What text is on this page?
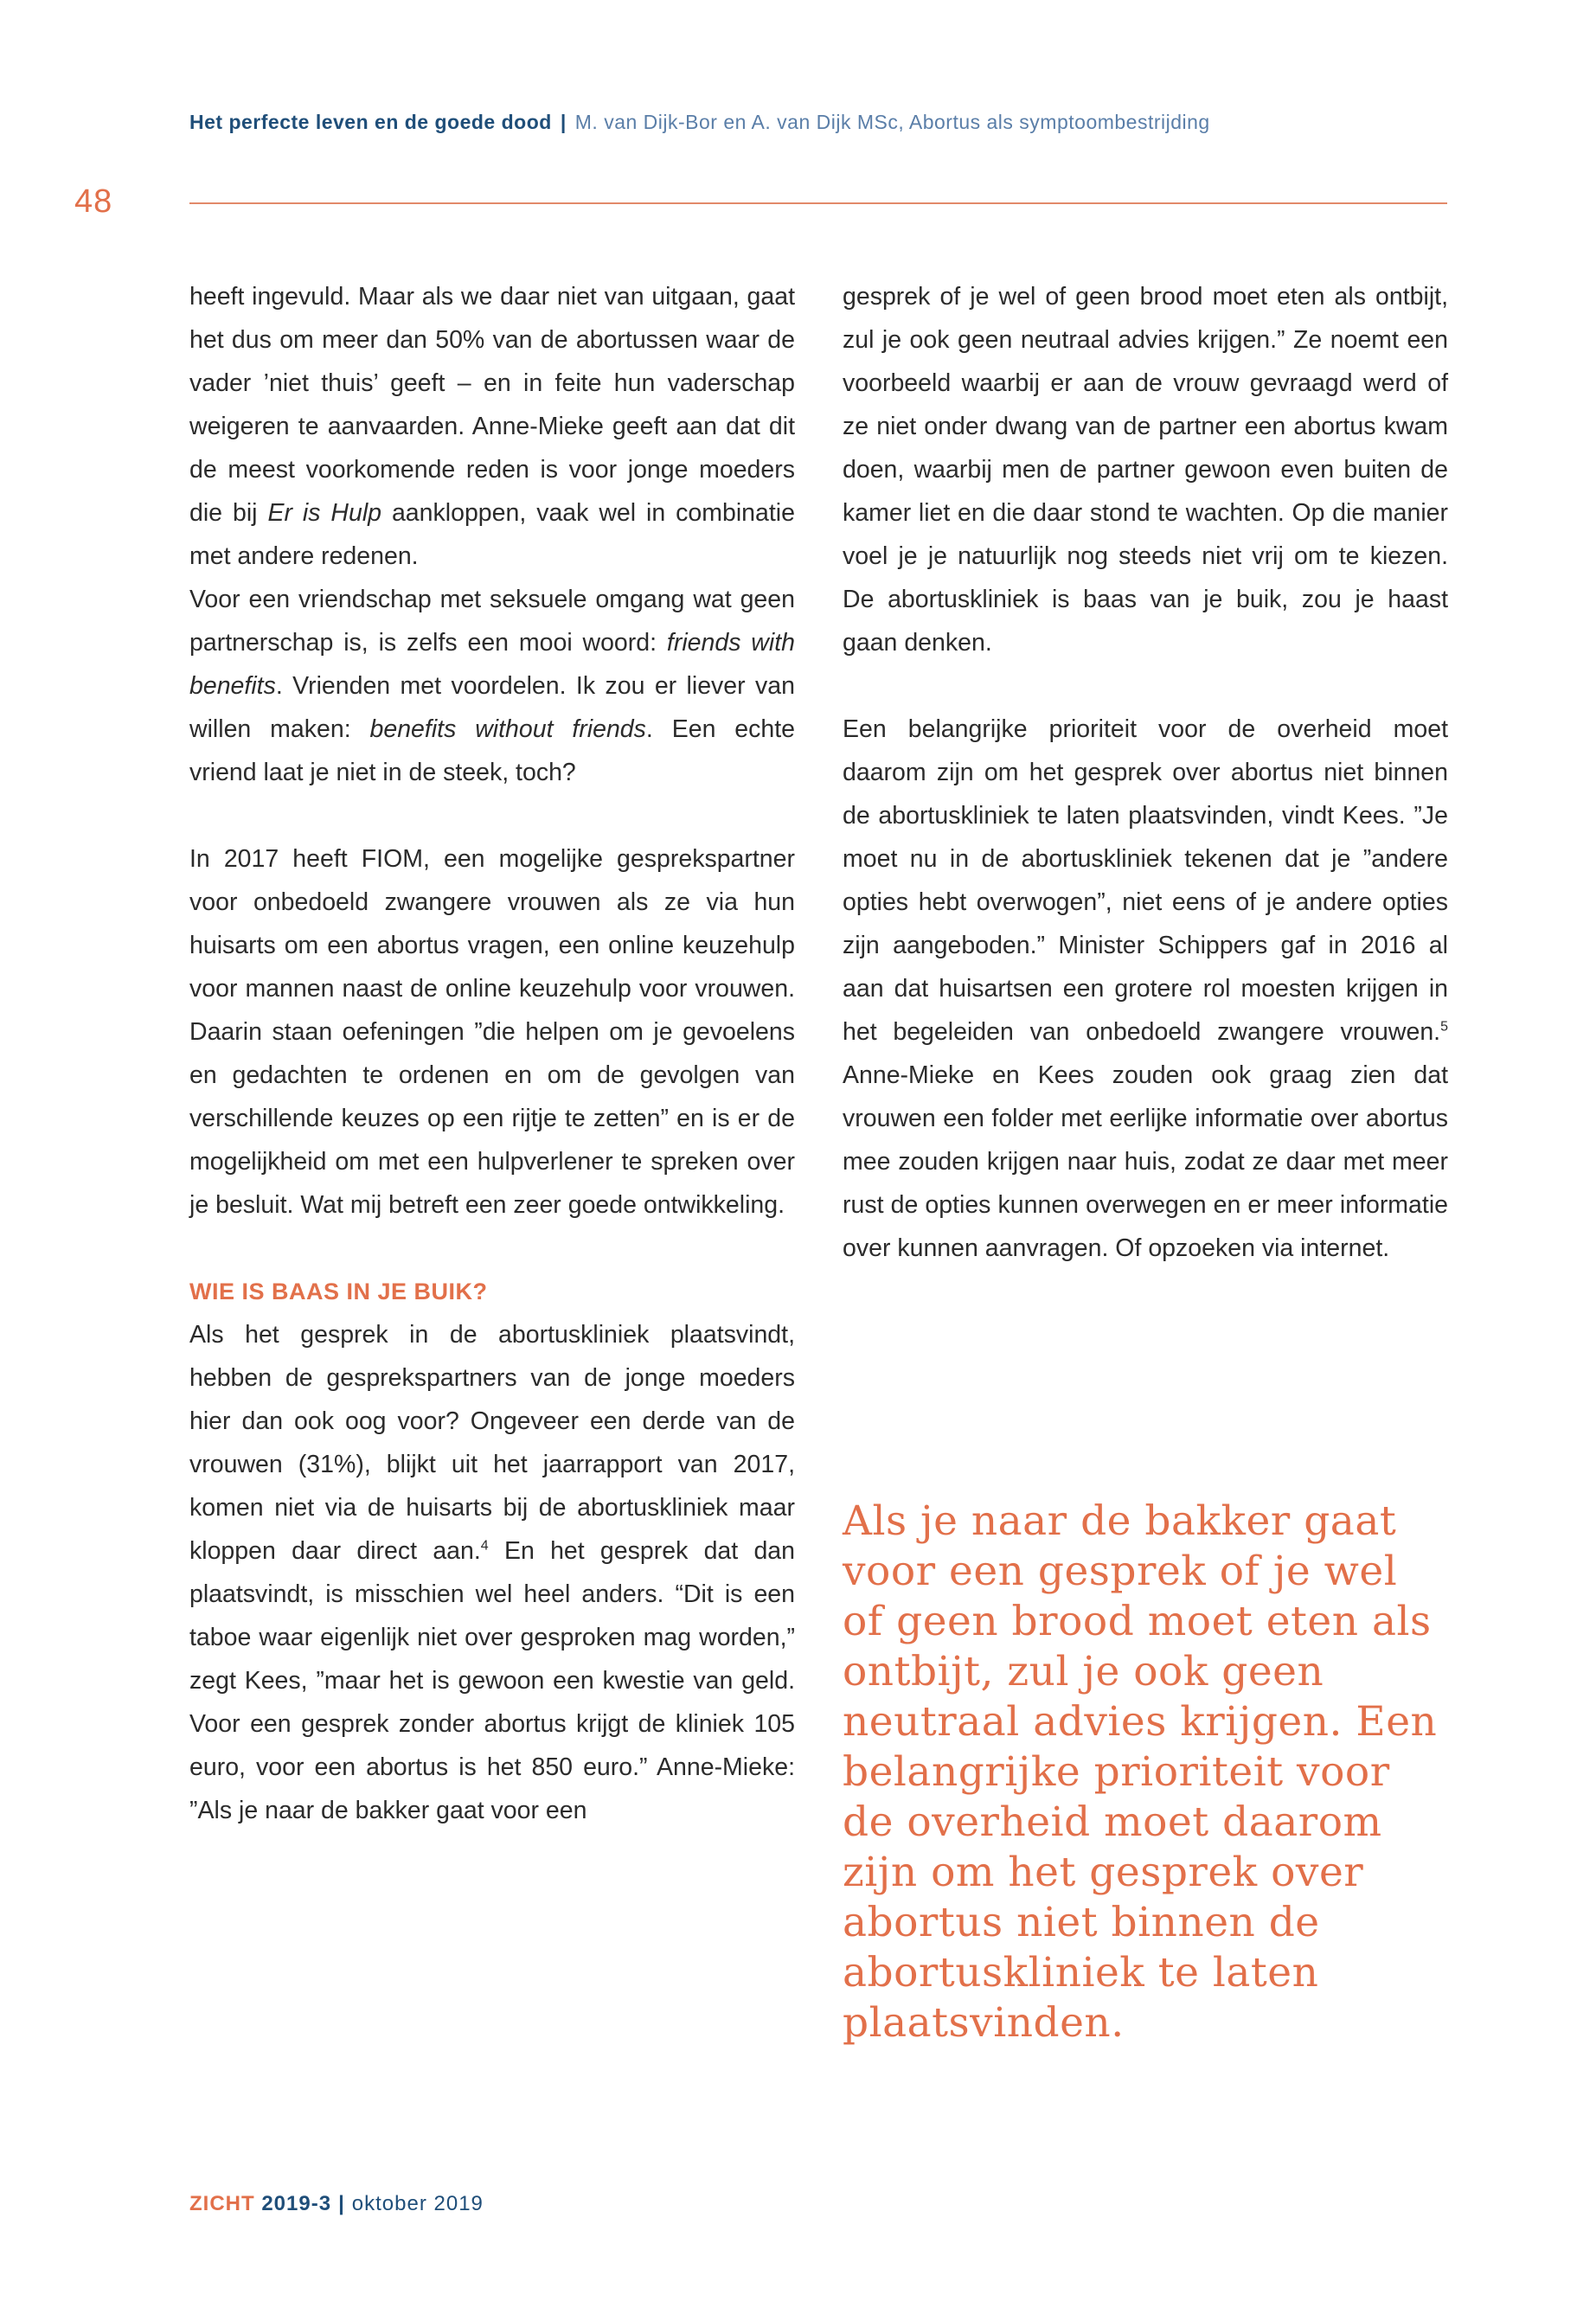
Het perfecte leven en de goede dood | M. van Dijk-Bor en A. van Dijk MSc, Abortus als symptoombestrijding
48

heeft ingevuld. Maar als we daar niet van uitgaan, gaat het dus om meer dan 50% van de abortussen waar de vader ’niet thuis’ geeft – en in feite hun vaderschap weigeren te aanvaarden. Anne-Mieke geeft aan dat dit de meest voorkomende reden is voor jonge moeders die bij Er is Hulp aankloppen, vaak wel in combinatie met andere redenen.

Voor een vriendschap met seksuele omgang wat geen partnerschap is, is zelfs een mooi woord: friends with benefits. Vrienden met voordelen. Ik zou er liever van willen maken: benefits without friends. Een echte vriend laat je niet in de steek, toch?

In 2017 heeft FIOM, een mogelijke gesprekspartner voor onbedoeld zwangere vrouwen als ze via hun huisarts om een abortus vragen, een online keuzehulp voor mannen naast de online keuzehulp voor vrouwen. Daarin staan oefeningen ”die helpen om je gevoelens en gedachten te ordenen en om de gevolgen van verschillende keuzes op een rijtje te zetten” en is er de mogelijkheid om met een hulpverlener te spreken over je besluit. Wat mij betreft een zeer goede ontwikkeling.

WIE IS BAAS IN JE BUIK?

Als het gesprek in de abortuskliniek plaatsvindt, hebben de gesprekspartners van de jonge moeders hier dan ook oog voor? Ongeveer een derde van de vrouwen (31%), blijkt uit het jaarrapport van 2017, komen niet via de huisarts bij de abortuskliniek maar kloppen daar direct aan.$^4$ En het gesprek dat dan plaatsvindt, is misschien wel heel anders. “Dit is een taboe waar eigenlijk niet over gesproken mag worden,” zegt Kees, ”maar het is gewoon een kwestie van geld. Voor een gesprek zonder abortus krijgt de kliniek 105 euro, voor een abortus is het 850 euro.” Anne-Mieke: ”Als je naar de bakker gaat voor een

gesprek of je wel of geen brood moet eten als ontbijt, zul je ook geen neutraal advies krijgen.” Ze noemt een voorbeeld waarbij er aan de vrouw gevraagd werd of ze niet onder dwang van de partner een abortus kwam doen, waarbij men de partner gewoon even buiten de kamer liet en die daar stond te wachten. Op die manier voel je je natuurlijk nog steeds niet vrij om te kiezen. De abortuskliniek is baas van je buik, zou je haast gaan denken.

Een belangrijke prioriteit voor de overheid moet daarom zijn om het gesprek over abortus niet binnen de abortuskliniek te laten plaatsvinden, vindt Kees. ”Je moet nu in de abortuskliniek tekenen dat je ”andere opties hebt overwogen”, niet eens of je andere opties zijn aangeboden.” Minister Schippers gaf in 2016 al aan dat huisartsen een grotere rol moesten krijgen in het begeleiden van onbedoeld zwangere vrouwen.$^5$ Anne-Mieke en Kees zouden ook graag zien dat vrouwen een folder met eerlijke informatie over abortus mee zouden krijgen naar huis, zodat ze daar met meer rust de opties kunnen overwegen en er meer informatie over kunnen aanvragen. Of opzoeken via internet.

Als je naar de bakker gaat voor een gesprek of je wel of geen brood moet eten als ontbijt, zul je ook geen neutraal advies krijgen. Een belangrijke prioriteit voor de overheid moet daarom zijn om het gesprek over abortus niet binnen de abortuskliniek te laten plaatsvinden.
ZICHT 2019-3 | oktober 2019
